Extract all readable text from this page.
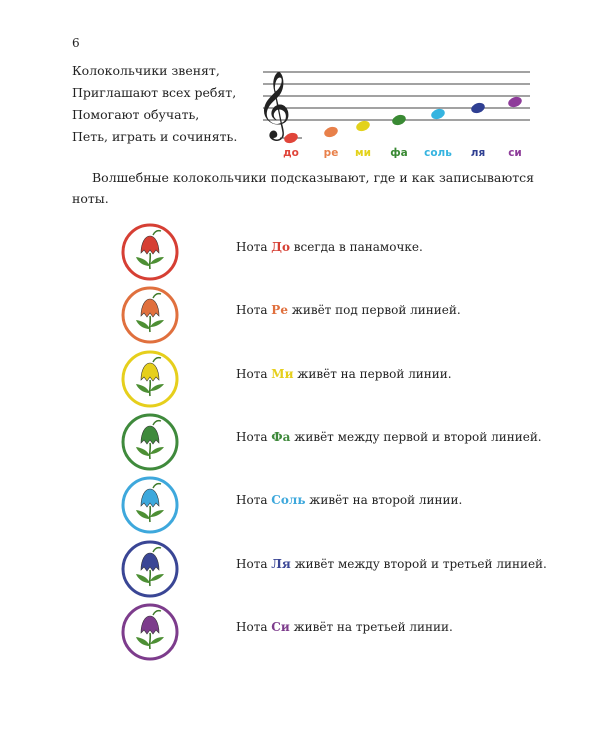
6
Колокольчики звенят,
Приглашают всех ребят,
Помогают обучать,
Петь, играть и сочинять. 𝄞
до ре ми фа соль ля си
Волшебные колокольчики подсказывают, где и как записываются ноты.
Нота До всегда в панамочке.
Нота Ре живёт под первой линией.
Нота Ми живёт на первой линии.
Нота Фа живёт между первой и второй линией.
Нота Соль живёт на второй линии.
Нота Ля живёт между второй и третьей линией.
Нота Си живёт на третьей линии.
